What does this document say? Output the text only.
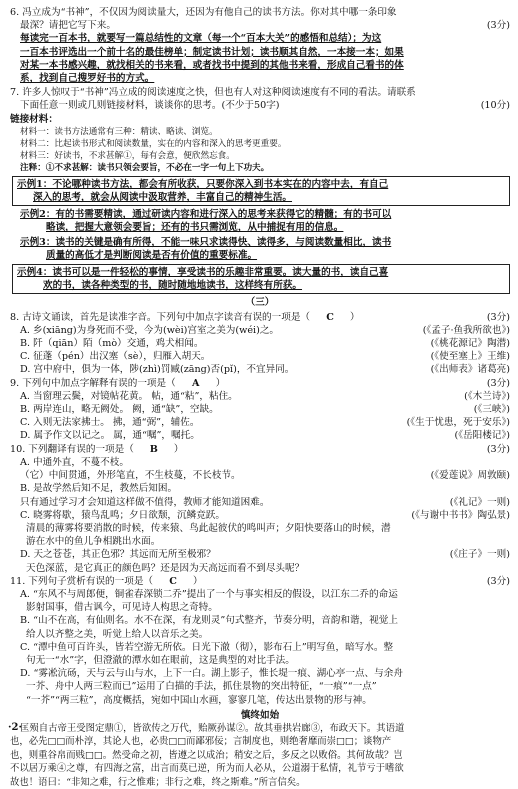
6. 冯立成为“书神”，不仅因为阅读量大，还因为有他自己的读书方法。你对其中哪一条印象
最深？请把它写下来。	(3分)
每读完一百本书，就要写一篇总结性的文章（每一个“百本大关”的感悟和总结）；为这
一百本书评选出一个前十名的最佳榜单；制定读书计划；读书顺其自然，一本接一本；如果
对某一本书感兴趣，就找相关的书来看，或者找书中提到的其他书来看，形成自己看书的体
系，找到自己搜罗好书的方式。
7. 许多人惊叹于“书神”冯立成的阅读速度之快，但也有人对这种阅读速度有不同的看法。请联系
下面任意一则或几则链接材料，谈谈你的思考。(不少于50字)	(10分)
链接材料：
材料一：读书方法通常有三种：精读、略读、浏览。
材料二：比起读书形式和阅读数量，实在的内容和深入的思考更重要。
材料三：好读书，不求甚解①，每有会意，便欣然忘食。
注释：①不求甚解：读书只领会要旨，不必在一字一句上下功夫。
示例1：不论哪种读书方法，都会有所收获，只要你深入到书本实在的内容中去，有自己
深入的思考，就会从阅读中汲取营养，丰富自己的精神生活。
示例2：有的书需要精读，通过研读内容和进行深入的思考来获得它的精髓；有的书可以
略读，把握大意领会要旨；还有的书只需浏览，从中捕捉有用的信息。
示例3：读书的关键是确有所得，不能一味只求读得快、读得多，与阅读数量相比，读书
质量的高低才是判断阅读是否有价值的重要标准。
示例4：读书可以是一件轻松的事情，享受读书的乐趣非常重要。读大量的书，读自己喜
欢的书，读各种类型的书，随时随地地读书，这样终有所获。
（三）
8. 古诗文诵读，首先是读准字音。下列句中加点字读音有误的一项是（ C ）	(3分)
A. 乡(xiāng)为身死而不受，今为(wèi)宫室之美为(wéi)之。	(《孟子·鱼我所欲也》)
B. 阡（qiān）陌（mò）交通，鸡犬相闻。	(《桃花源记》陶潜)
C. 征蓬（pén）出汉塞（sè），归雁入胡天。	(《使至塞上》王维)
D. 宫中府中，俱为一体，陟(zhì)罚臧(zāng)否(pǐ)，不宜异同。	(《出师表》诸葛亮)
9. 下列句中加点字解释有误的一项是（ A ）	(3分)
A. 当窗理云鬓，对镜帖花黄。 帖，通“粘”，粘住。	(《木兰诗》)
B. 两岸连山，略无阙处。 阙，通“缺”，空缺。	(《三峡》)
C. 入则无法家拂士。 拂，通“弼”，辅佐。	(《生于忧患，死于安乐》)
D. 属予作文以记之。 属，通“嘱”，嘱托。	(《岳阳楼记》)
10. 下列翻译有误的一项是（ B ）	(3分)
A. 中通外直，不蔓不枝。
（它）中间贯通，外形笔直，不生枝蔓，不长枝节。	(《爱莲说》周敦颐)
B. 是故学然后知不足，教然后知困。
只有通过学习才会知道这样做不值得，教师才能知道困难。	(《礼记》一则)
C. 晓雾将歇，猿鸟乱鸣；夕日欲颓，沉鳞竞跃。	(《与谢中书书》陶弘景)
清晨的薄雾将要消散的时候，传来猿、鸟此起彼伏的鸣叫声；夕阳快要落山的时候，潜
游在水中的鱼儿争相跳出水面。
D. 天之苍苍，其正色邪？其远而无所至极邪？	(《庄子》一则)
天色深蓝，是它真正的颜色吗？还是因为天高远而看不到尽头呢？
11. 下列句子赏析有误的一项是（ C ）	(3分)
A. “东风不与周郎便，铜雀春深锁二乔”提出了一个与事实相反的假设，以江东二乔的命运
影射国事，借古讽今，可见诗人构思之奇特。
B. “山不在高，有仙则名。水不在深，有龙则灵”句式整齐，节奏分明，音韵和谐，视觉上
给人以齐整之美，听觉上给人以音乐之美。
C. “潭中鱼可百许头，皆若空游无所依。日光下澈（彻），影布石上”明写鱼，暗写水。整
句无一“水”字，但澄澈的潭水如在眼前，这是典型的对比手法。
D. “雾凇沆砀，天与云与山与水，上下一白。湖上影子，惟长堤一痕、湖心亭一点、与余舟
一芥、舟中人两三粒而已”运用了白描的手法，抓住景物的突出特征，“一痕”“一点”
“一芥”“两三粒”，高度概括，宛如中国山水画，寥寥几笔，传达出景物的形与神。
慎终如始
匡殒自古帝王受图定鼎①，皆欲传之万代，贻厥孙谋②。故其垂拱岩廊③，布政天下。其语道
也，必先□□而朴淳，其论人也，必贵□□而鄙邪佞；言制度也，则绝奢靡而崇□□；谈物产
也，则重谷帛而贱□□。然受命之初，皆遵之以成治；稍安之后，多反之以败俗。其何故哉？岂
不以居万乘④之尊，有四海之富，出言而莫已逆，所为而人必从，公道溺于私情，礼节亏于嗜欲
故也！语曰：“非知之难，行之惟难；非行之难，终之斯难。”所言信矣。
·2·
